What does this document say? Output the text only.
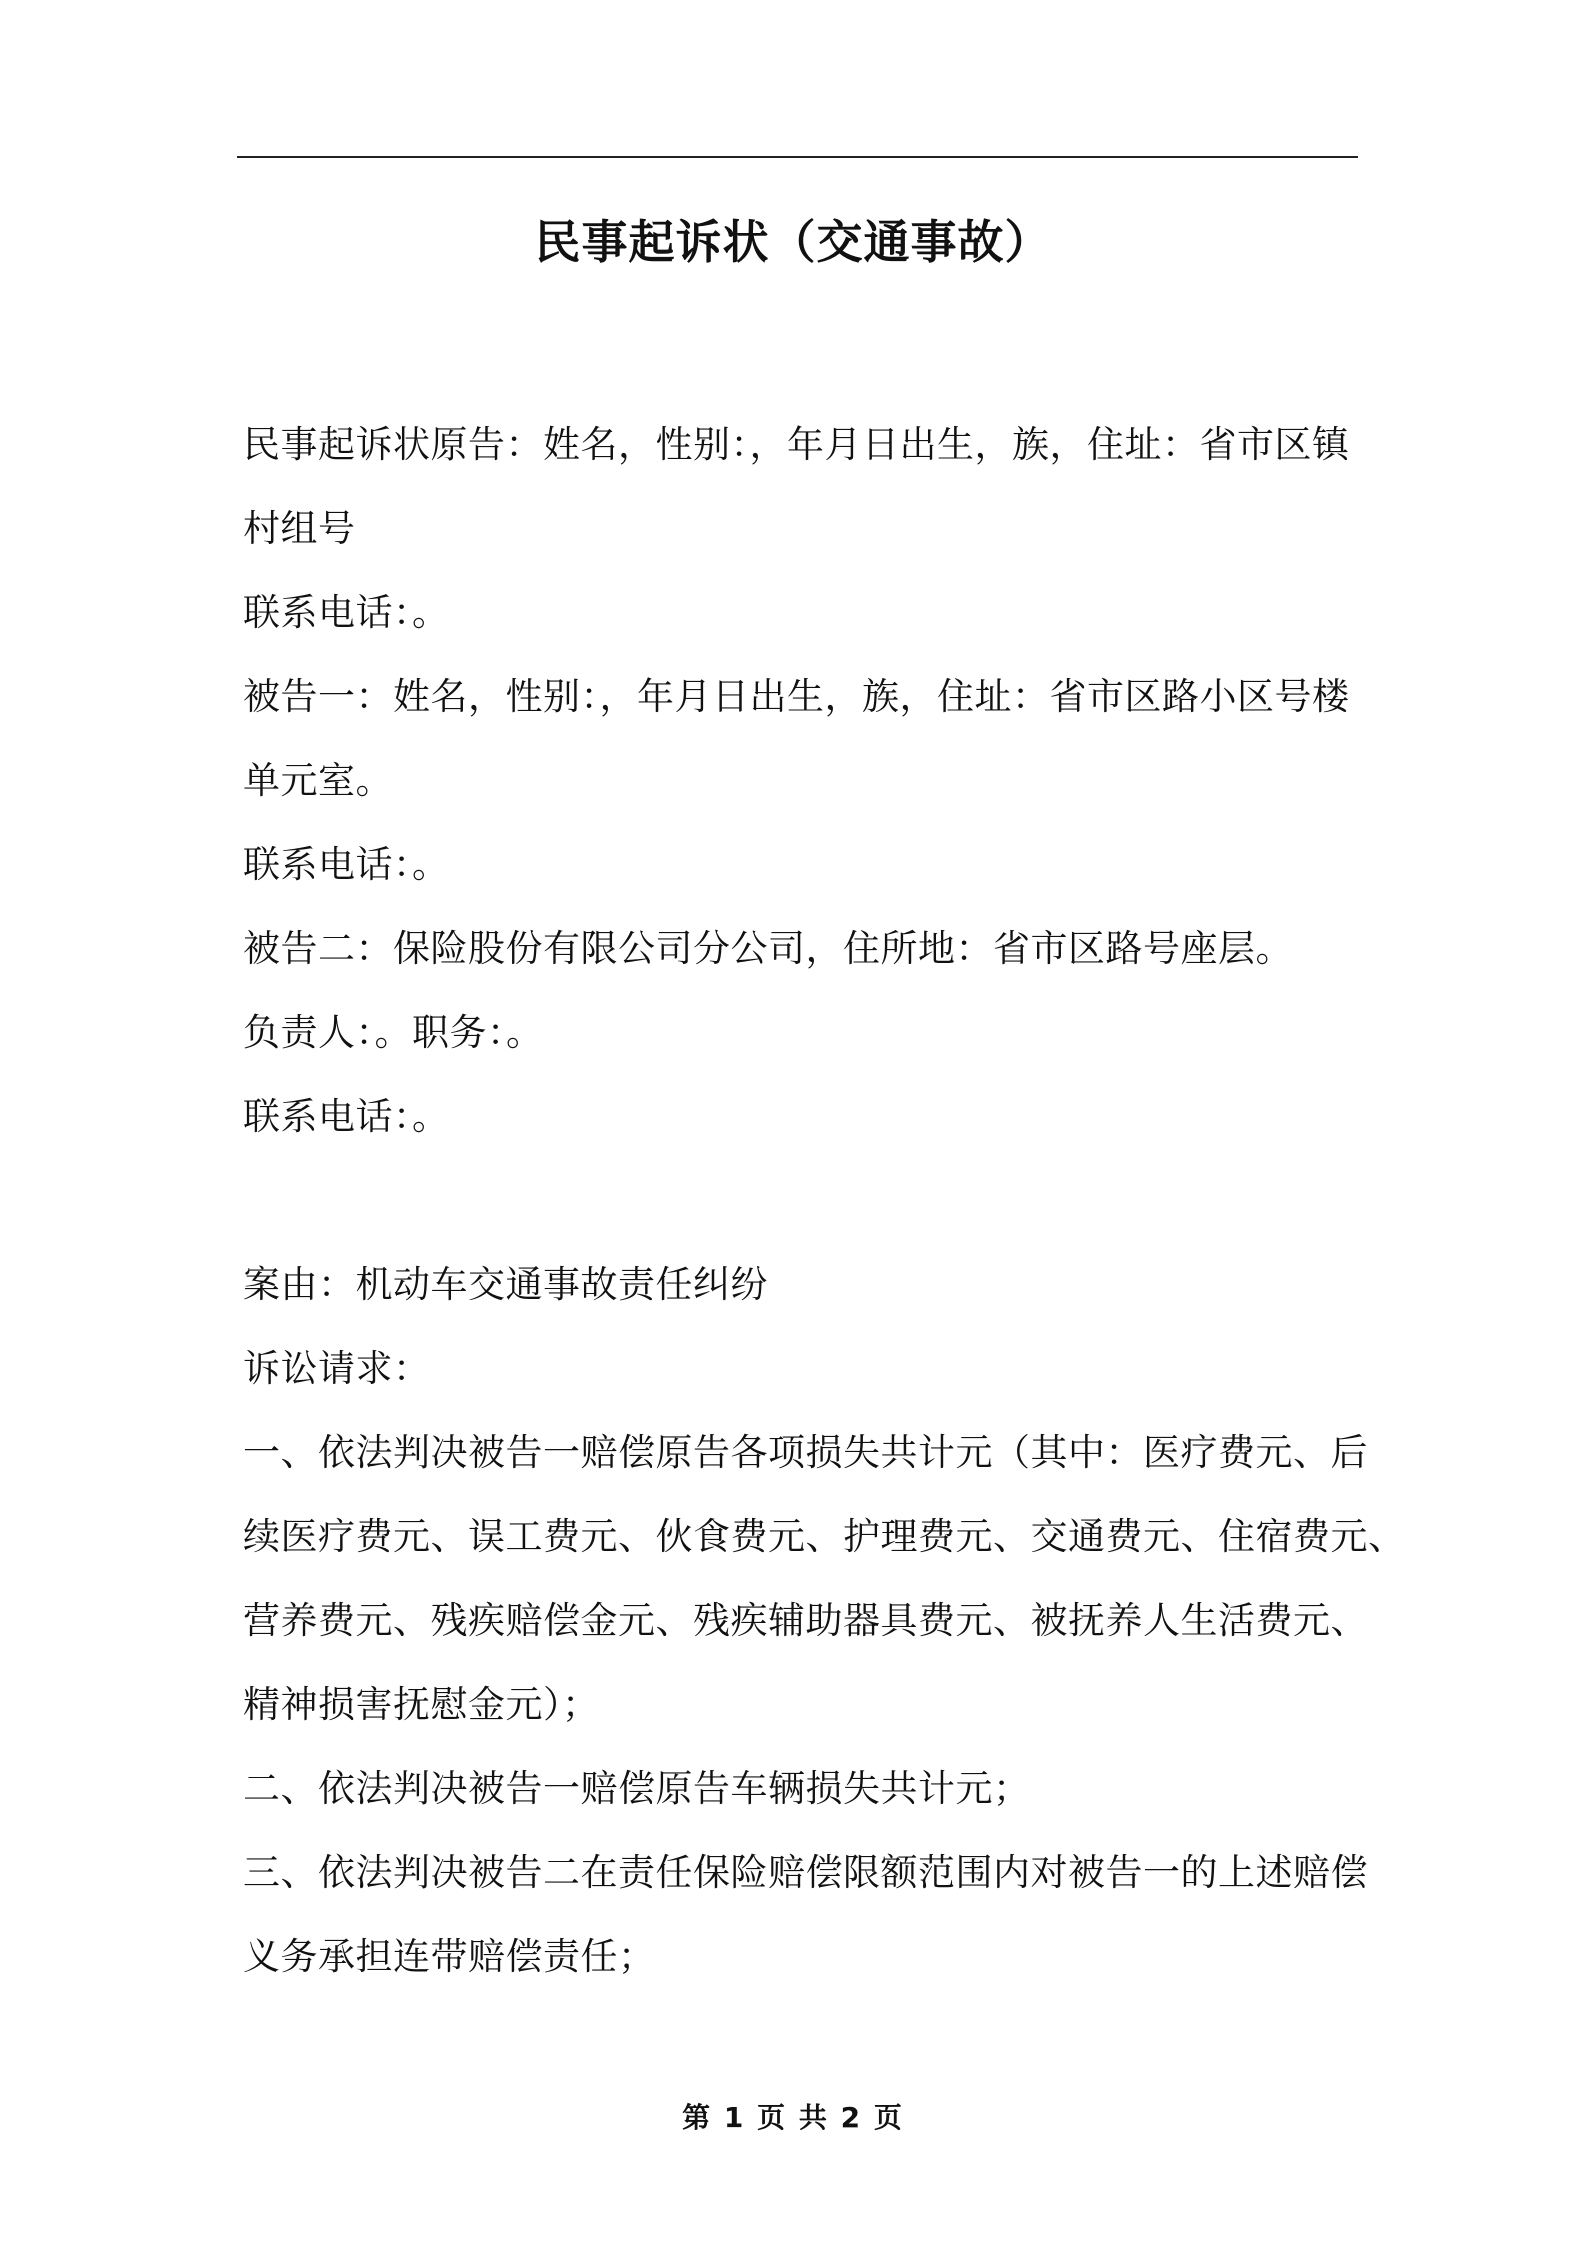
民事起诉状（交通事故）
民事起诉状原告：姓名，性别：，年月日出生，族，住址：省市区镇
村组号
联系电话：。
被告一：姓名，性别：，年月日出生，族，住址：省市区路小区号楼
单元室。
联系电话：。
被告二：保险股份有限公司分公司，住所地：省市区路号座层。
负责人：。职务：。
联系电话：。
案由：机动车交通事故责任纠纷
诉讼请求：
一、依法判决被告一赔偿原告各项损失共计元（其中：医疗费元、后
续医疗费元、误工费元、伙食费元、护理费元、交通费元、住宿费元、
营养费元、残疾赔偿金元、残疾辅助器具费元、被抚养人生活费元、
精神损害抚慰金元）；
二、依法判决被告一赔偿原告车辆损失共计元；
三、依法判决被告二在责任保险赔偿限额范围内对被告一的上述赔偿
义务承担连带赔偿责任；
第 1 页 共 2 页
